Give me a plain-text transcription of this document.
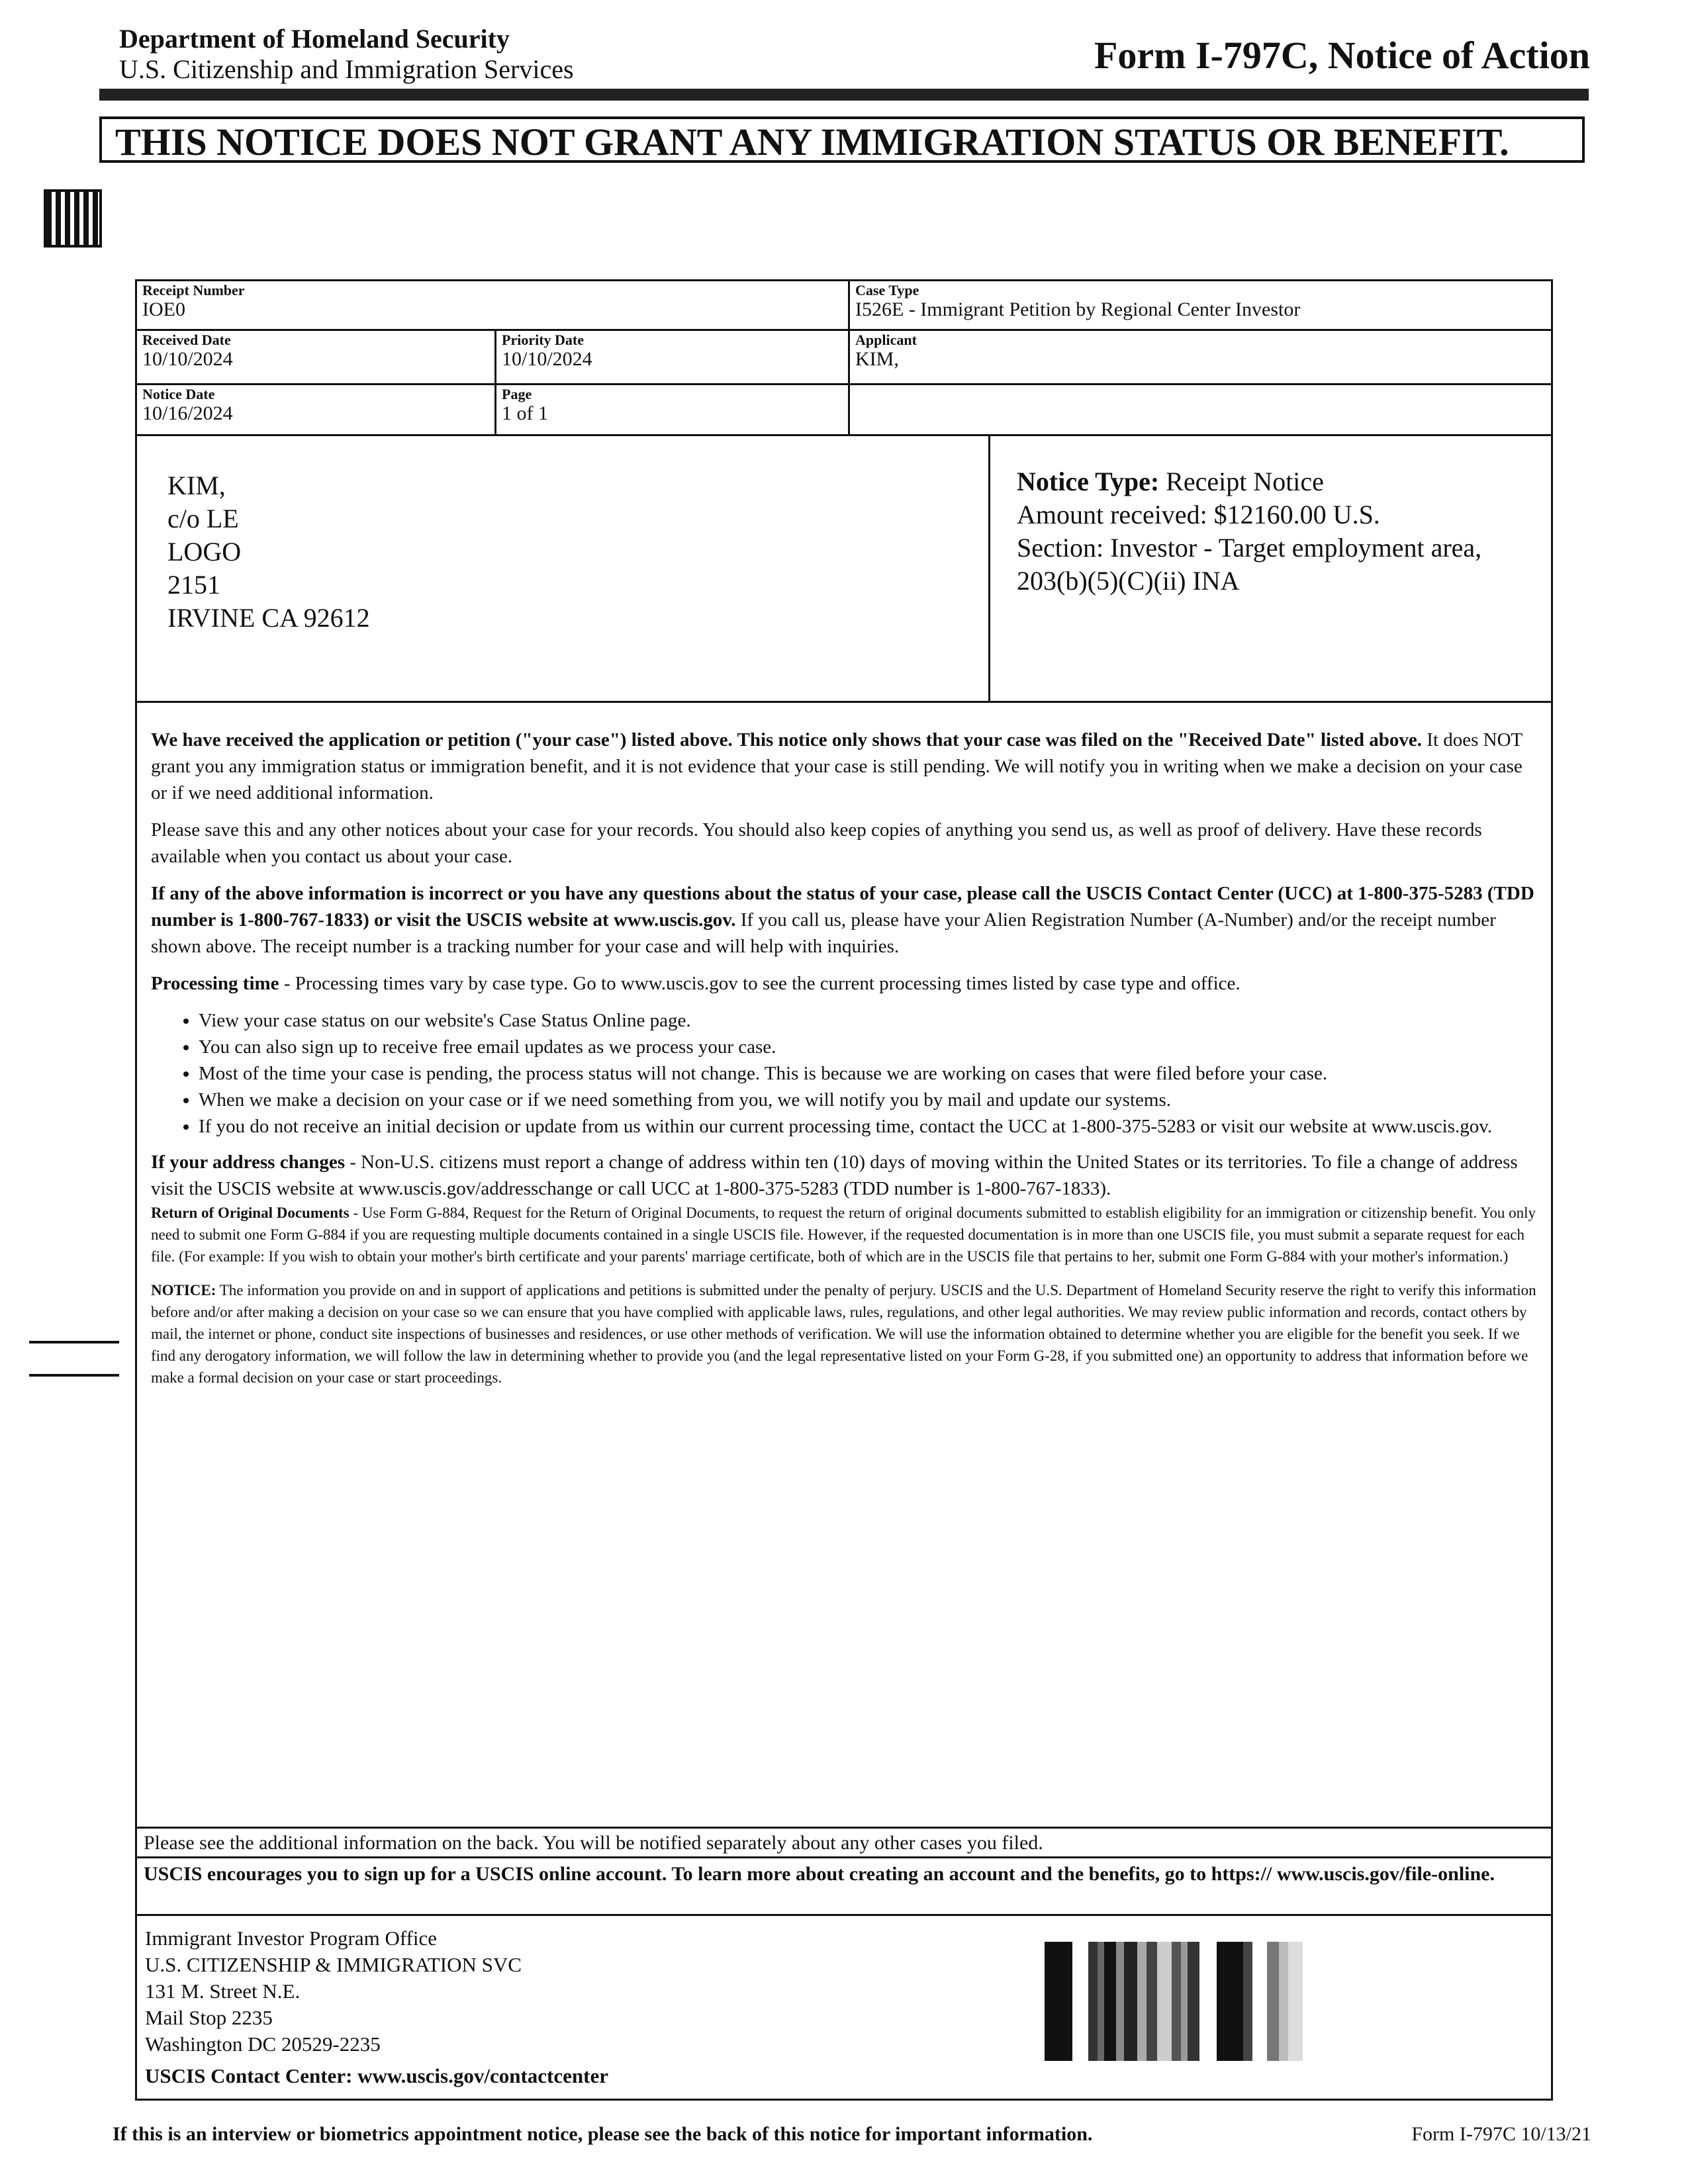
Department of Homeland Security
U.S. Citizenship and Immigration Services	Form I-797C, Notice of Action
THIS NOTICE DOES NOT GRANT ANY IMMIGRATION STATUS OR BENEFIT.
Receipt Number
IOE0
Case Type
I526E - Immigrant Petition by Regional Center Investor
Received Date
10/10/2024
Priority Date
10/10/2024
Applicant
KIM,
Notice Date
10/16/2024
Page
1 of 1
KIM,
c/o LE
LOGO
2151
IRVINE CA 92612
Notice Type: Receipt Notice
Amount received: $12160.00 U.S.
Section: Investor - Target employment area,
203(b)(5)(C)(ii) INA

We have received the application or petition ("your case") listed above. This notice only shows that your case was filed on the "Received Date" listed above. It does NOT grant you any immigration status or immigration benefit, and it is not evidence that your case is still pending. We will notify you in writing when we make a decision on your case or if we need additional information.

Please save this and any other notices about your case for your records. You should also keep copies of anything you send us, as well as proof of delivery. Have these records available when you contact us about your case.

If any of the above information is incorrect or you have any questions about the status of your case, please call the USCIS Contact Center (UCC) at 1-800-375-5283 (TDD number is 1-800-767-1833) or visit the USCIS website at www.uscis.gov. If you call us, please have your Alien Registration Number (A-Number) and/or the receipt number shown above. The receipt number is a tracking number for your case and will help with inquiries.

Processing time - Processing times vary by case type. Go to www.uscis.gov to see the current processing times listed by case type and office.

• View your case status on our website's Case Status Online page.
• You can also sign up to receive free email updates as we process your case.
• Most of the time your case is pending, the process status will not change. This is because we are working on cases that were filed before your case.
• When we make a decision on your case or if we need something from you, we will notify you by mail and update our systems.
• If you do not receive an initial decision or update from us within our current processing time, contact the UCC at 1-800-375-5283 or visit our website at www.uscis.gov.

If your address changes - Non-U.S. citizens must report a change of address within ten (10) days of moving within the United States or its territories. To file a change of address visit the USCIS website at www.uscis.gov/addresschange or call UCC at 1-800-375-5283 (TDD number is 1-800-767-1833).

Return of Original Documents - Use Form G-884, Request for the Return of Original Documents, to request the return of original documents submitted to establish eligibility for an immigration or citizenship benefit. You only need to submit one Form G-884 if you are requesting multiple documents contained in a single USCIS file. However, if the requested documentation is in more than one USCIS file, you must submit a separate request for each file. (For example: If you wish to obtain your mother's birth certificate and your parents' marriage certificate, both of which are in the USCIS file that pertains to her, submit one Form G-884 with your mother's information.)

NOTICE: The information you provide on and in support of applications and petitions is submitted under the penalty of perjury. USCIS and the U.S. Department of Homeland Security reserve the right to verify this information before and/or after making a decision on your case so we can ensure that you have complied with applicable laws, rules, regulations, and other legal authorities. We may review public information and records, contact others by mail, the internet or phone, conduct site inspections of businesses and residences, or use other methods of verification. We will use the information obtained to determine whether you are eligible for the benefit you seek. If we find any derogatory information, we will follow the law in determining whether to provide you (and the legal representative listed on your Form G-28, if you submitted one) an opportunity to address that information before we make a formal decision on your case or start proceedings.

Please see the additional information on the back. You will be notified separately about any other cases you filed.
USCIS encourages you to sign up for a USCIS online account. To learn more about creating an account and the benefits, go to https:// www.uscis.gov/file-online.
Immigrant Investor Program Office
U.S. CITIZENSHIP & IMMIGRATION SVC
131 M. Street N.E.
Mail Stop 2235
Washington DC 20529-2235
USCIS Contact Center: www.uscis.gov/contactcenter
If this is an interview or biometrics appointment notice, please see the back of this notice for important information.	Form I-797C 10/13/21
